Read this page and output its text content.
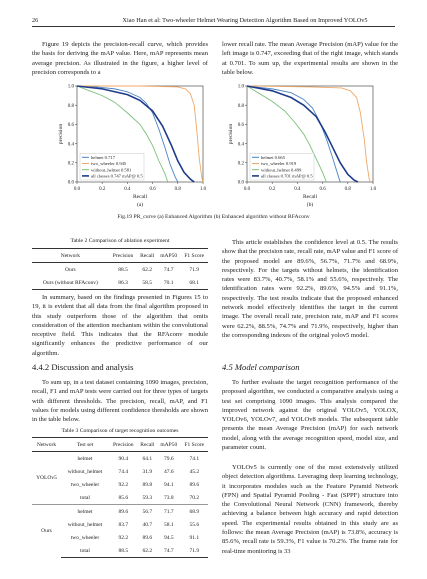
26	Xiao Han et al: Two-wheeler Helmet Wearing Detection Algorithm Based on Improved YOLOv5
Figure 19 depicts the precision-recall curve, which provides the basis for deriving the mAP value. Here, mAP represents mean average precision. As illustrated in the figure, a higher level of precision corresponds to a
lower recall rate. The mean Average Precision (mAP) value for the left image is 0.747, exceeding that of the right image, which stands at 0.701. To sum up, the experimental results are shown in the table below.
0.0	0.2	0.4	0.6	0.8	1.0
0.0
0.2
0.4
0.6
0.8
1.0
Recall
precision
(a)
helmet 0.717
two_wheeler 0.945
without_helmet 0.581
all classes 0.747 mAP@ 0.5
0.0	0.2	0.4	0.6	0.8	1.0
0.0
0.2
0.4
0.6
0.8
1.0
Recall
precision
(b)
helmet 0.665
two_wheeler 0.919
without_helmet 0.499
all classes 0.701 mAP@ 0.5
Fig.19 PR_curve (a) Enhanced Algorithm (b) Enhanced algorithm without RFAconv
Table 2 Comparison of ablation experiment
Network	Precision	Recall	mAP50	F1 Score
Ours	88.5	62.2	74.7	71.9
Ours (without RFAconv)	86.3	58.5	70.1	68.1
In summary, based on the findings presented in Figures 15 to 19, it is evident that all data from the final algorithm proposed in this study outperform those of the algorithm that omits consideration of the attention mechanism within the convolutional receptive field. This indicates that the RFAconv module significantly enhances the predictive performance of our algorithm.
4.4.2 Discussion and analysis
To sum up, in a test dataset containing 1090 images, precision, recall, F1 and mAP tests were carried out for three types of targets with different thresholds. The precision, recall, mAP, and F1 values for models using different confidence thresholds are shown in the table below.
Table 3 Comparison of target recognition outcomes
Network	Test set	Precision	Recall	mAP50	F1 Score
YOLOv5	helmet	90.4	64.1	79.6	74.1
	without_helmet	74.4	31.9	47.6	45.2
	two_wheeler	92.2	89.8	94.1	89.6
	total	85.6	59.3	73.8	70.2
Ours	helmet	89.6	56.7	71.7	68.9
	without_helmet	83.7	40.7	58.1	55.6
	two_wheeler	92.2	89.6	94.5	91.1
	total	88.5	62.2	74.7	71.9
This article establishes the confidence level at 0.5. The results show that the precision rate, recall rate, mAP value and F1 score of the proposed model are 89.6%, 56.7%, 71.7% and 68.9%, respectively. For the targets without helmets, the identification rates were 83.7%, 40.7%, 58.1% and 55.6%, respectively. The identification rates were 92.2%, 89.6%, 94.5% and 91.1%, respectively. The test results indicate that the proposed enhanced network model effectively identifies the target in the current image. The overall recall rate, precision rate, mAP and F1 scores were 62.2%, 88.5%, 74.7% and 71.9%, respectively, higher than the corresponding indexes of the original yolov5 model.
4.5 Model comparison
To further evaluate the target recognition performance of the proposed algorithm, we conducted a comparative analysis using a test set comprising 1090 images. This analysis compared the improved network against the original YOLOv5, YOLOX, YOLOv6, YOLOv7, and YOLOv8 models. The subsequent table presents the mean Average Precision (mAP) for each network model, along with the average recognition speed, model size, and parameter count.
YOLOv5 is currently one of the most extensively utilized object detection algorithms. Leveraging deep learning technology, it incorporates modules such as the Feature Pyramid Network (FPN) and Spatial Pyramid Pooling - Fast (SPPF) structure into the Convolutional Neural Network (CNN) framework, thereby achieving a balance between high accuracy and rapid detection speed. The experimental results obtained in this study are as follows: the mean Average Precision (mAP) is 73.8%, accuracy is 85.6%, recall rate is 59.3%, F1 value is 70.2%. The frame rate for real-time monitoring is 33
